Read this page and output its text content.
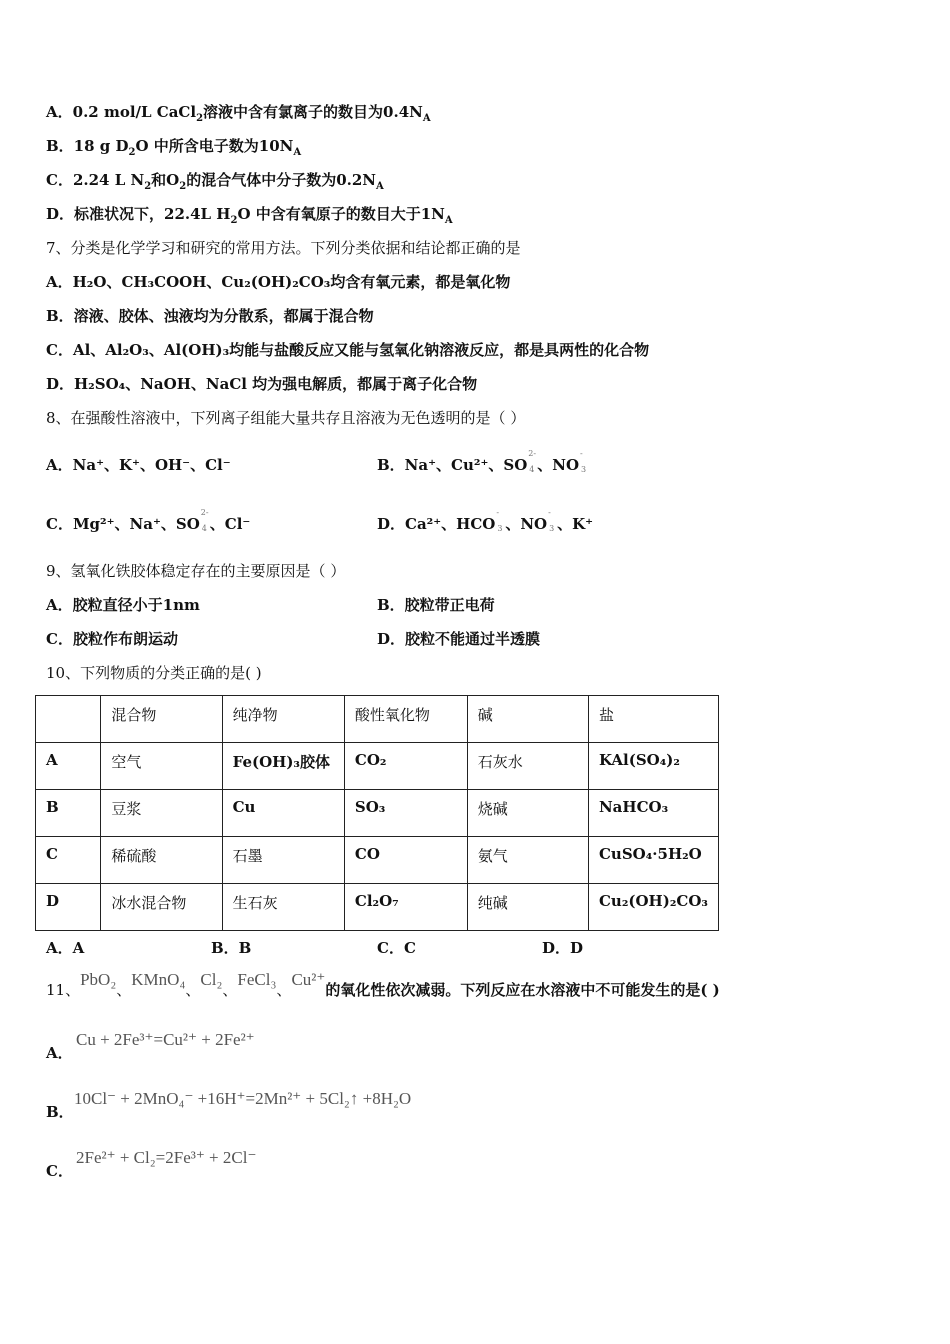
A．0.2 mol/L CaCl$_2$溶液中含有氯离子的数目为$0.4N_A$
B．18 g $D_2O$ 中所含电子数为$10N_A$
C．2.24 L $N_2$和$O_2$的混合气体中分子数为$0.2N_A$
D．标准状况下，22.4L $H_2O$ 中含有氧原子的数目大于$1N_A$
7、分类是化学学习和研究的常用方法。下列分类依据和结论都正确的是
A．H₂O、CH₃COOH、Cu₂(OH)₂CO₃均含有氧元素，都是氧化物
B．溶液、胶体、浊液均为分散系，都属于混合物
C．Al、Al₂O₃、Al(OH)₃均能与盐酸反应又能与氢氧化钠溶液反应，都是具两性的化合物
D．H₂SO₄、NaOH、NaCl 均为强电解质，都属于离子化合物
8、在强酸性溶液中，下列离子组能大量共存且溶液为无色透明的是（ ）
A．Na⁺、K⁺、OH⁻、Cl⁻	B．Na⁺、Cu²⁺、SO
2-
4 、NO
-
3
C．Mg²⁺、Na⁺、SO
2-
4 、Cl⁻	D．Ca²⁺、HCO
-
3 、NO
-
3 、K⁺
9、氢氧化铁胶体稳定存在的主要原因是（ ）
A．胶粒直径小于1nm	B．胶粒带正电荷
C．胶粒作布朗运动	D．胶粒不能通过半透膜
10、下列物质的分类正确的是( )
	混合物	纯净物	酸性氧化物	碱	盐
A	空气	Fe(OH)₃胶体	CO₂	石灰水	KAl(SO₄)₂
B	豆浆	Cu	SO₃	烧碱	NaHCO₃
C	稀硫酸	石墨	CO	氨气	CuSO₄·5H₂O
D	冰水混合物	生石灰	Cl₂O₇	纯碱	Cu₂(OH)₂CO₃
A．A	B．B	C．C	D．D
11、PbO₂、KMnO₄、Cl₂、FeCl₃、Cu²⁺的氧化性依次减弱。下列反应在水溶液中不可能发生的是( )
A．
Cu + 2Fe³⁺=Cu²⁺ + 2Fe²⁺
B．
10Cl⁻ + 2MnO₄⁻ +16H⁺=2Mn²⁺ + 5Cl₂↑ +8H₂O
C．
2Fe²⁺ + Cl₂=2Fe³⁺ + 2Cl⁻
